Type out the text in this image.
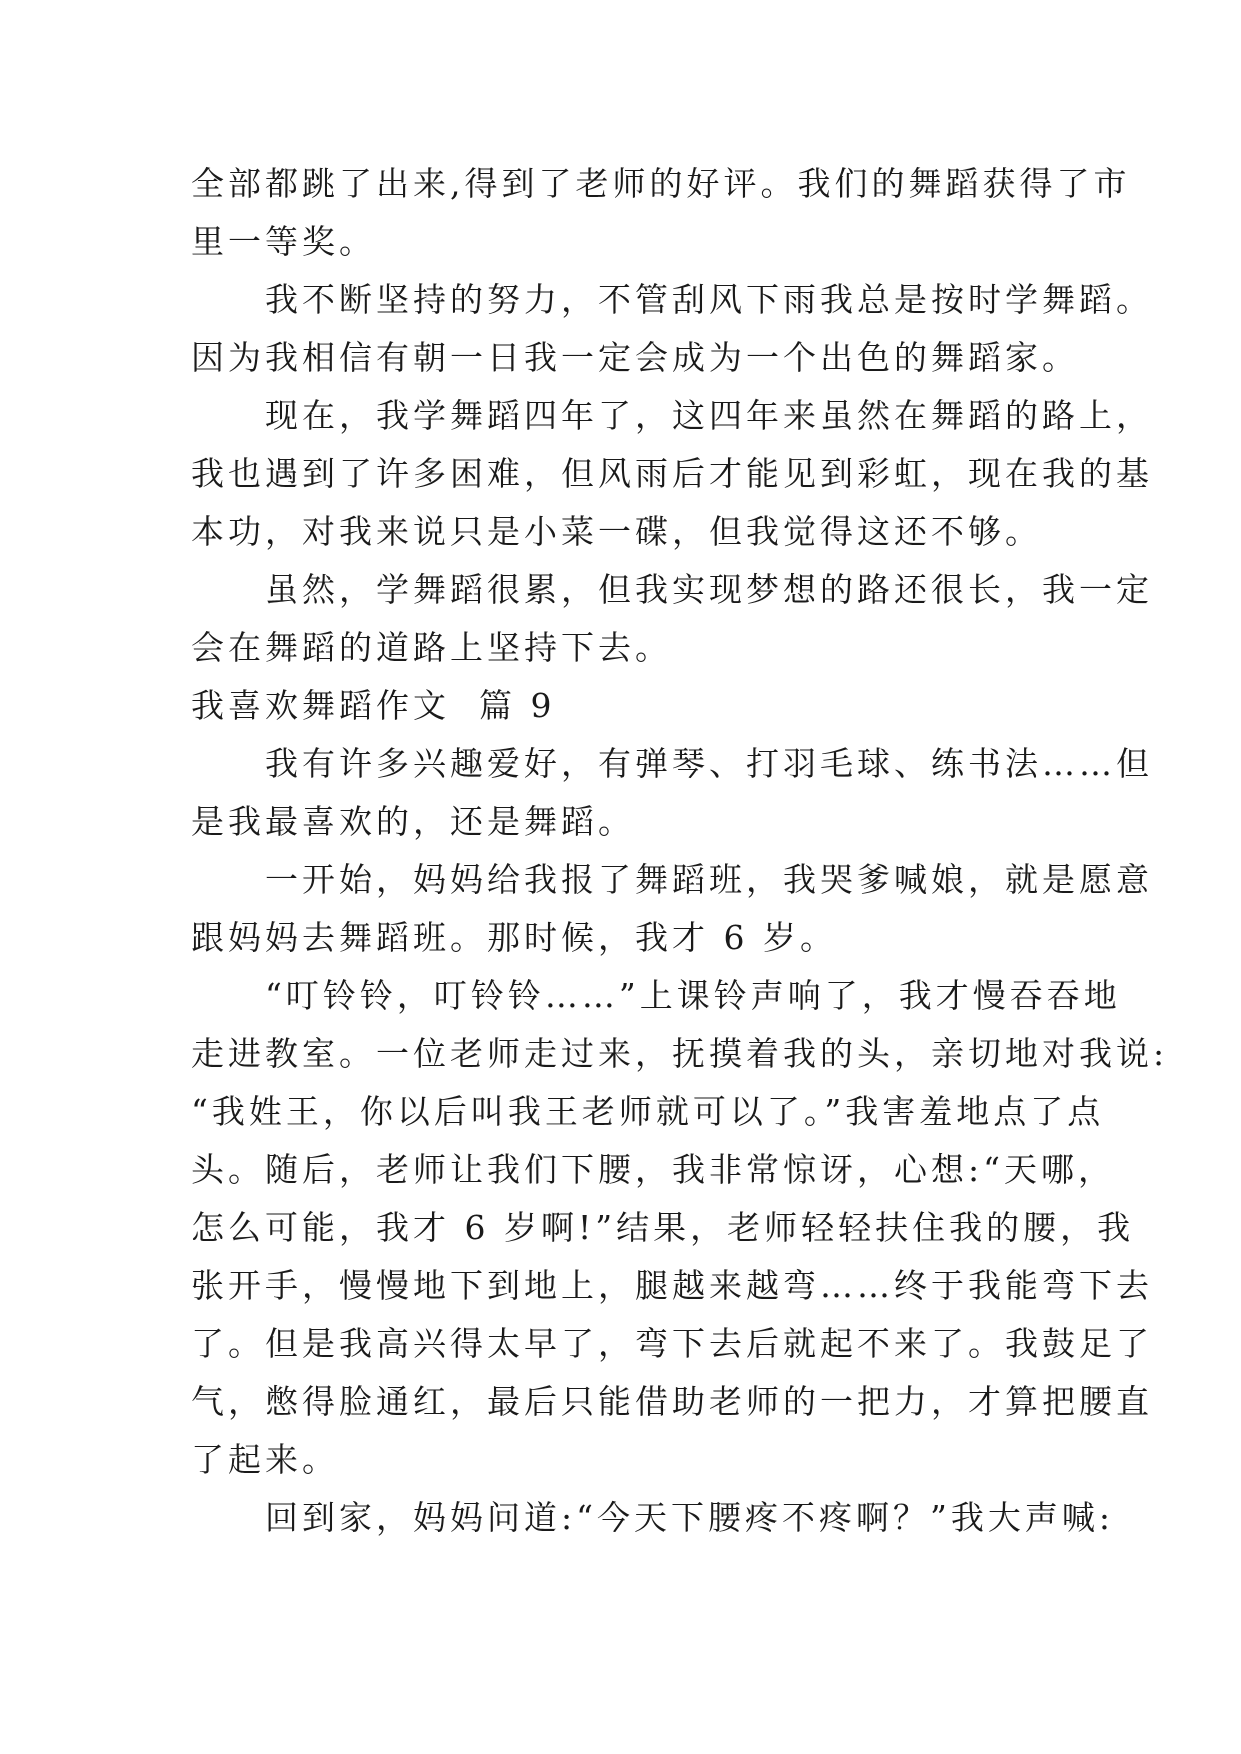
全部都跳了出来,得到了老师的好评。我们的舞蹈获得了市
里一等奖。
　　我不断坚持的努力，不管刮风下雨我总是按时学舞蹈。
因为我相信有朝一日我一定会成为一个出色的舞蹈家。
　　现在，我学舞蹈四年了，这四年来虽然在舞蹈的路上，
我也遇到了许多困难，但风雨后才能见到彩虹，现在我的基
本功，对我来说只是小菜一碟，但我觉得这还不够。
　　虽然，学舞蹈很累，但我实现梦想的路还很长，我一定
会在舞蹈的道路上坚持下去。
我喜欢舞蹈作文  篇 9
　　我有许多兴趣爱好，有弹琴、打羽毛球、练书法……但
是我最喜欢的，还是舞蹈。
　　一开始，妈妈给我报了舞蹈班，我哭爹喊娘，就是愿意
跟妈妈去舞蹈班。那时候，我才 6 岁。
　　“叮铃铃，叮铃铃……”上课铃声响了，我才慢吞吞地
走进教室。一位老师走过来，抚摸着我的头，亲切地对我说:
“我姓王，你以后叫我王老师就可以了。”我害羞地点了点
头。随后，老师让我们下腰，我非常惊讶，心想:“天哪，
怎么可能，我才 6 岁啊!”结果，老师轻轻扶住我的腰，我
张开手，慢慢地下到地上，腿越来越弯……终于我能弯下去
了。但是我高兴得太早了，弯下去后就起不来了。我鼓足了
气，憋得脸通红，最后只能借助老师的一把力，才算把腰直
了起来。
　　回到家，妈妈问道:“今天下腰疼不疼啊？”我大声喊:
